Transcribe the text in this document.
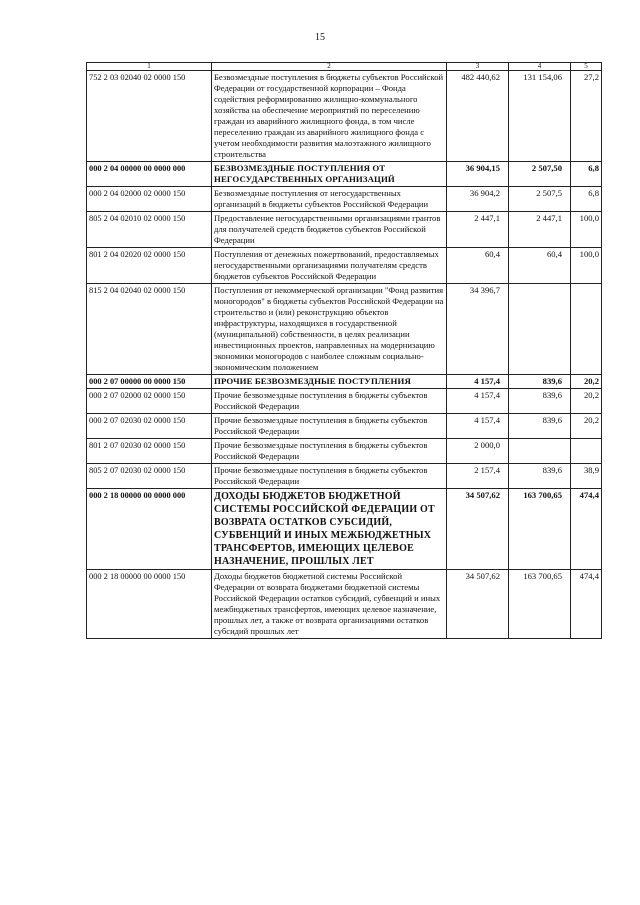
15
1	2	3	4	5
752 2 03 02040 02 0000 150	Безвозмездные поступления в бюджеты субъектов Российской Федерации от государственной корпорации – Фонда содействия реформированию жилищно-коммунального хозяйства на обеспечение мероприятий по переселению граждан из аварийного жилищного фонда, в том числе переселению граждан из аварийного жилищного фонда с учетом необходимости развития малоэтажного жилищного строительства	482 440,62	131 154,06	27,2
000 2 04 00000 00 0000 000	БЕЗВОЗМЕЗДНЫЕ ПОСТУПЛЕНИЯ ОТ НЕГОСУДАРСТВЕННЫХ ОРГАНИЗАЦИЙ	36 904,15	2 507,50	6,8
000 2 04 02000 02 0000 150	Безвозмездные поступления от негосударственных организаций в бюджеты субъектов Российской Федерации	36 904,2	2 507,5	6,8
805 2 04 02010 02 0000 150	Предоставление негосударственными организациями грантов для получателей средств бюджетов субъектов Российской Федерации	2 447,1	2 447,1	100,0
801 2 04 02020 02 0000 150	Поступления от денежных пожертвований, предоставляемых негосударственными организациями получателям средств бюджетов субъектов Российской Федерации	60,4	60,4	100,0
815 2 04 02040 02 0000 150	Поступления от некоммерческой организации "Фонд развития моногородов" в бюджеты субъектов Российской Федерации на строительство и (или) реконструкцию объектов инфраструктуры, находящихся в государственной (муниципальной) собственности, в целях реализации инвестиционных проектов, направленных на модернизацию экономики моногородов с наиболее сложным социально-экономическим положением	34 396,7		
000 2 07 00000 00 0000 150	ПРОЧИЕ БЕЗВОЗМЕЗДНЫЕ ПОСТУПЛЕНИЯ	4 157,4	839,6	20,2
000 2 07 02000 02 0000 150	Прочие безвозмездные поступления в бюджеты субъектов Российской Федерации	4 157,4	839,6	20,2
000 2 07 02030 02 0000 150	Прочие безвозмездные поступления в бюджеты субъектов Российской Федерации	4 157,4	839,6	20,2
801 2 07 02030 02 0000 150	Прочие безвозмездные поступления в бюджеты субъектов Российской Федерации	2 000,0		
805 2 07 02030 02 0000 150	Прочие безвозмездные поступления в бюджеты субъектов Российской Федерации	2 157,4	839,6	38,9
000 2 18 00000 00 0000 000	ДОХОДЫ БЮДЖЕТОВ БЮДЖЕТНОЙ СИСТЕМЫ РОССИЙСКОЙ ФЕДЕРАЦИИ ОТ ВОЗВРАТА ОСТАТКОВ СУБСИДИЙ, СУБВЕНЦИЙ И ИНЫХ МЕЖБЮДЖЕТНЫХ ТРАНСФЕРТОВ, ИМЕЮЩИХ ЦЕЛЕВОЕ НАЗНАЧЕНИЕ, ПРОШЛЫХ ЛЕТ	34 507,62	163 700,65	474,4
000 2 18 00000 00 0000 150	Доходы бюджетов бюджетной системы Российской Федерации от возврата бюджетами бюджетной системы Российской Федерации остатков субсидий, субвенций и иных межбюджетных трансфертов, имеющих целевое назначение, прошлых лет, а также от возврата организациями остатков субсидий прошлых лет	34 507,62	163 700,65	474,4
